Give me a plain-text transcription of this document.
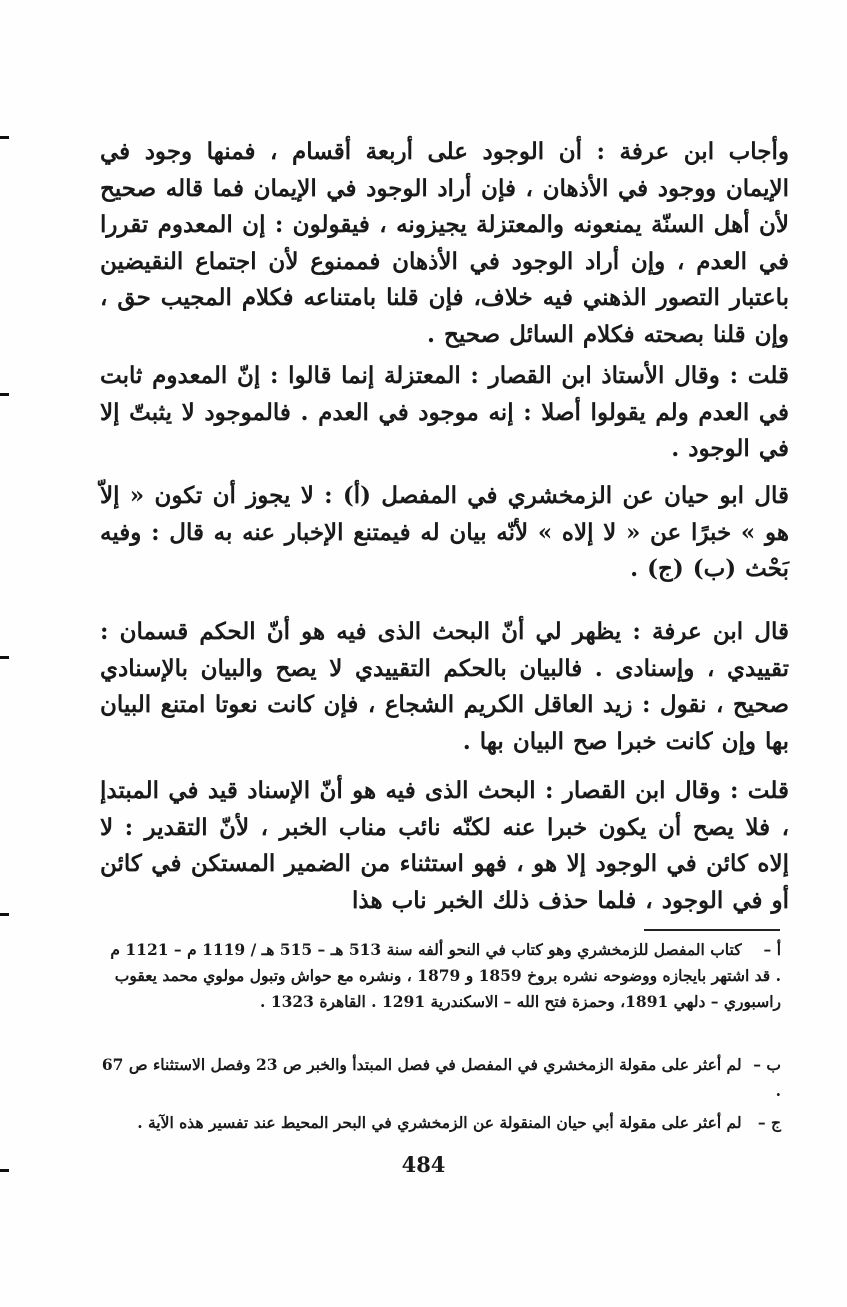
وأجاب ابن عرفة : أن الوجود على أربعة أقسام ، فمنها وجود في الإيمان ووجود في الأذهان ، فإن أراد الوجود في الإيمان فما قاله صحيح لأن أهل السنّة يمنعونه والمعتزلة يجيزونه ، فيقولون : إن المعدوم تقررا في العدم ، وإن أراد الوجود في الأذهان فممنوع لأن اجتماع النقيضين باعتبار التصور الذهني فيه خلاف، فإن قلنا بامتناعه فكلام المجيب حق ، وإن قلنا بصحته فكلام السائل صحيح .

قلت : وقال الأستاذ ابن القصار : المعتزلة إنما قالوا : إنّ المعدوم ثابت في العدم ولم يقولوا أصلا : إنه موجود في العدم . فالموجود لا يثبتّ إلا في الوجود .

قال ابو حيان عن الزمخشري في المفصل (أ) : لا يجوز أن تكون « إلاّ هو » خبرًا عن « لا إلاه » لأنّه بيان له فيمتنع الإخبار عنه به قال : وفيه بَحْث (ب) (ج) .

قال ابن عرفة : يظهر لي أنّ البحث الذى فيه هو أنّ الحكم قسمان : تقييدي ، وإسنادى . فالبيان بالحكم التقييدي لا يصح والبيان بالإسنادي صحيح ، نقول : زيد العاقل الكريم الشجاع ، فإن كانت نعوتا امتنع البيان بها وإن كانت خبرا صح البيان بها .

قلت : وقال ابن القصار : البحث الذى فيه هو أنّ الإسناد قيد في المبتدإ ، فلا يصح أن يكون خبرا عنه لكنّه نائب مناب الخبر ، لأنّ التقدير : لا إلاه كائن في الوجود إلا هو ، فهو استثناء من الضمير المستكن في كائن أو في الوجود ، فلما حذف ذلك الخبر ناب هذا

أ – كتاب المفصل للزمخشري وهو كتاب في النحو ألفه سنة 513 هـ – 515 هـ / 1119 م – 1121 م . قد اشتهر بايجازه ووضوحه نشره بروخ 1859 و 1879 ، ونشره مع حواش وتبول مولوي محمد يعقوب راسبوري – دلهي 1891، وحمزة فتح الله – الاسكندرية 1291 . القاهرة 1323 .
ب – لم أعثر على مقولة الزمخشري في المفصل في فصل المبتدأ والخبر ص 23 وفصل الاستثناء ص 67 .
ج – لم أعثر على مقولة أبي حيان المنقولة عن الزمخشري في البحر المحيط عند تفسير هذه الآية .
484
